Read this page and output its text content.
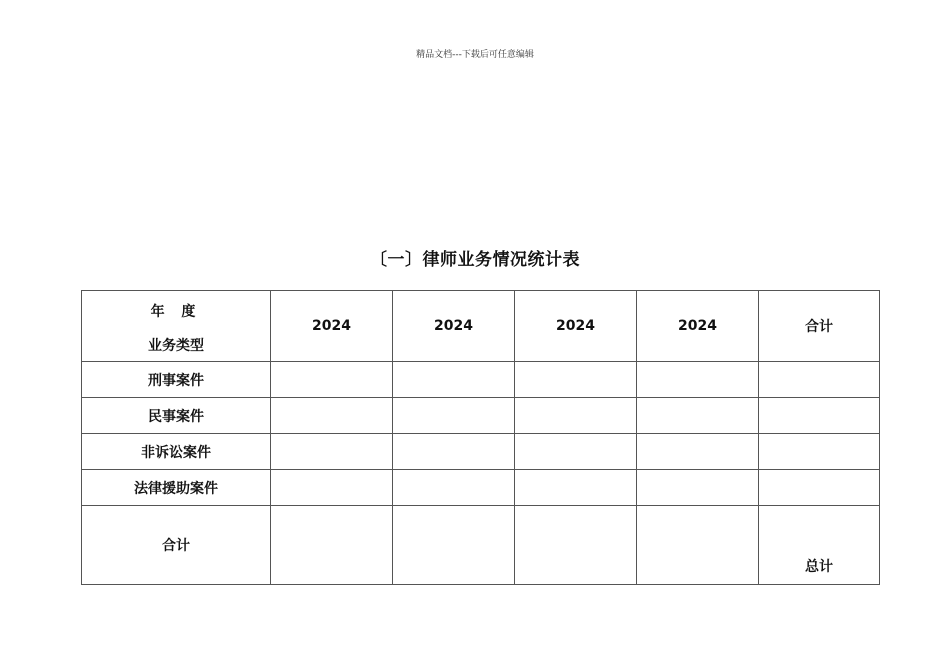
精品文档---下载后可任意编辑
〔一〕律师业务情况统计表
年 度
业务类型	2024	2024	2024	2024	合计
刑事案件					
民事案件					
非诉讼案件					
法律援助案件					
合计					总计
